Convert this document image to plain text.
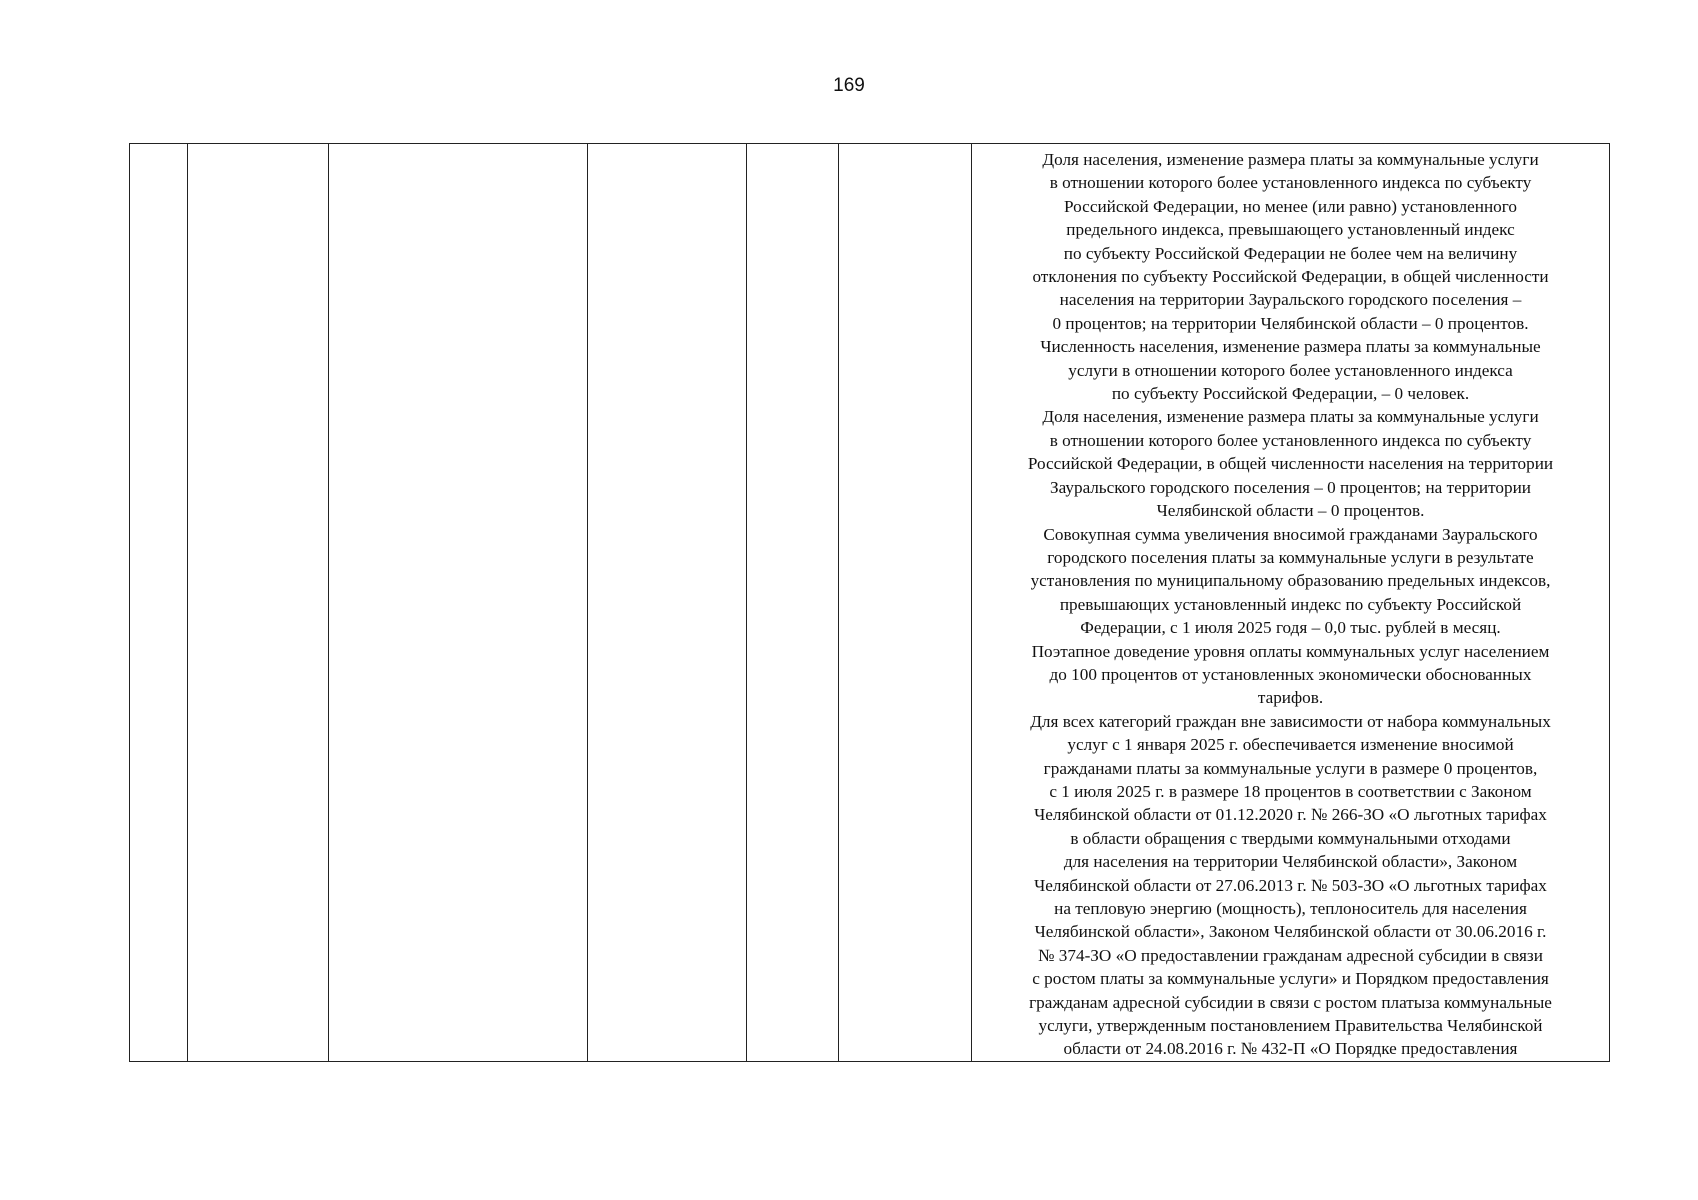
169

Доля населения, изменение размера платы за коммунальные услуги
в отношении которого более установленного индекса по субъекту
Российской Федерации, но менее (или равно) установленного
предельного индекса, превышающего установленный индекс
по субъекту Российской Федерации не более чем на величину
отклонения по субъекту Российской Федерации, в общей численности
населения на территории Заурaльского городского поселения –
0 процентов; на территории Челябинской области – 0 процентов.
Численность населения, изменение размера платы за коммунальные
услуги в отношении которого более установленного индекса
по субъекту Российской Федерации, – 0 человек.
Доля населения, изменение размера платы за коммунальные услуги
в отношении которого более установленного индекса по субъекту
Российской Федерации, в общей численности населения на территории
Заурaльского городского поселения – 0 процентов; на территории
Челябинской области – 0 процентов.
Совокупная сумма увеличения вносимой гражданами Заурaльского
городского поселения платы за коммунальные услуги в результате
установления по муниципальному образованию предельных индексов,
превышающих установленный индекс по субъекту Российской
Федерации, с 1 июля 2025 годя – 0,0 тыс. рублей в месяц.
Поэтапное доведение уровня оплаты коммунальных услуг населением
до 100 процентов от установленных экономически обоснованных
тарифов.
Для всех категорий граждан вне зависимости от набора коммунальных
услуг с 1 января 2025 г. обеспечивается изменение вносимой
гражданами платы за коммунальные услуги в размере 0 процентов,
с 1 июля 2025 г. в размере 18 процентов в соответствии с Законом
Челябинской области от 01.12.2020 г. № 266-ЗО «О льготных тарифах
в области обращения с твердыми коммунальными отходами
для населения на территории Челябинской области», Законом
Челябинской области от 27.06.2013 г. № 503-ЗО «О льготных тарифах
на тепловую энергию (мощность), теплоноситель для населения
Челябинской области», Законом Челябинской области от 30.06.2016 г.
№ 374-ЗО «О предоставлении гражданам адресной субсидии в связи
с ростом платы за коммунальные услуги» и Порядком предоставления
гражданам адресной субсидии в связи с ростом платыза коммунальные
услуги, утвержденным постановлением Правительства Челябинской
области от 24.08.2016 г. № 432-П «О Порядке предоставления
